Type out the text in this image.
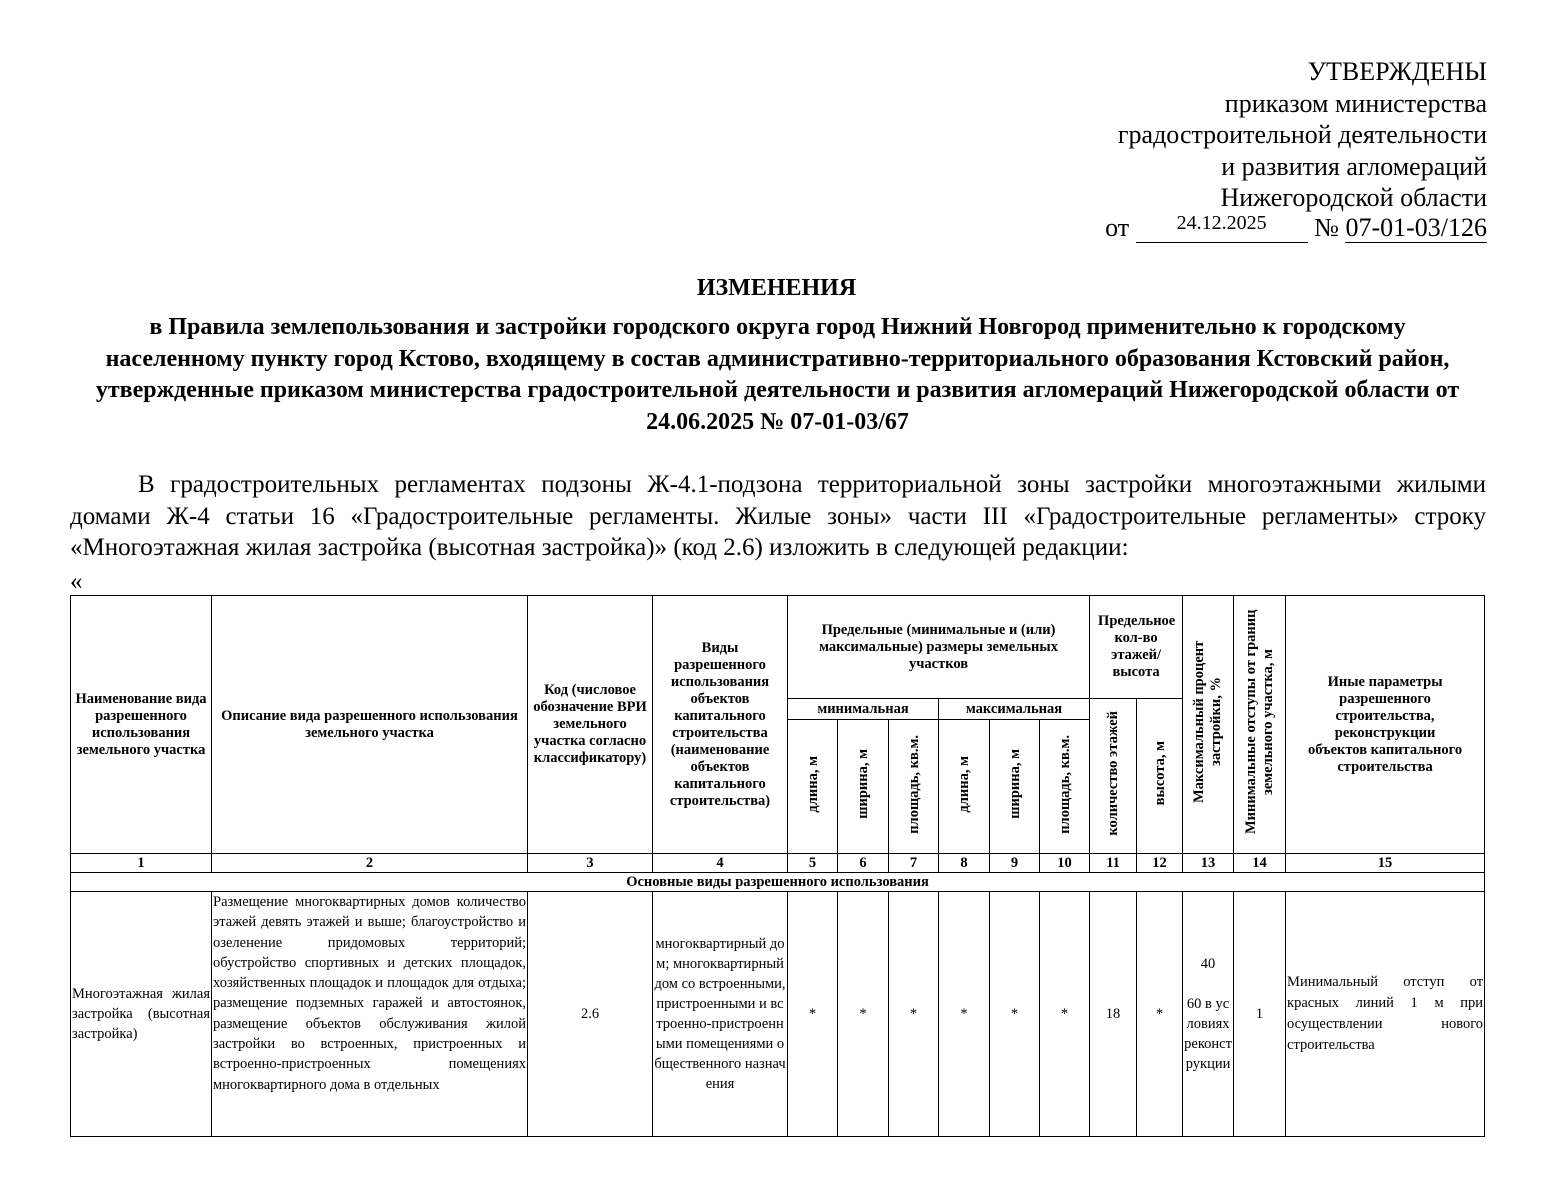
УТВЕРЖДЕНЫ
приказом министерства
градостроительной деятельности
и развития агломераций
Нижегородской области
от $^{24.12.2025}$ № 07-01-03/126
ИЗМЕНЕНИЯ
в Правила землепользования и застройки городского округа город Нижний Новгород применительно к городскому населенному пункту город Кстово, входящему в состав административно-территориального образования Кстовский район, утвержденные приказом министерства градостроительной деятельности и развития агломераций Нижегородской области от 24.06.2025 № 07-01-03/67
В градостроительных регламентах подзоны Ж-4.1-подзона территориальной зоны застройки многоэтажными жилыми домами Ж-4 статьи 16 «Градостроительные регламенты. Жилые зоны» части III «Градостроительные регламенты» строку «Многоэтажная жилая застройка (высотная застройка)» (код 2.6) изложить в следующей редакции:
«
Наименование вида разрешенного использования земельного участка	Описание вида разрешенного использования земельного участка	Код (числовое обозначение ВРИ земельного участка согласно классификатору)	Виды разрешенного использования объектов капитального строительства (наименование объектов капитального строительства)	Предельные (минимальные и (или) максимальные) размеры земельных участков						Предельное кол-во этажей/ высота		Максимальный процент застройки, %	Минимальные отступы от границ земельного участка, м	Иные параметры разрешенного строительства, реконструкции объектов капитального строительства
				минимальная			максимальная			количество этажей	высота, м			
				длина, м	ширина, м	площадь, кв.м.	длина, м	ширина, м	площадь, кв.м.					
1	2	3	4	5	6	7	8	9	10	11	12	13	14	15
Основные виды разрешенного использования														
Многоэтажная жилая застройка (высотная застройка)	Размещение многоквартирных домов количество этажей девять этажей и выше; благоустройство и озеленение придомовых территорий; обустройство спортивных и детских площадок, хозяйственных площадок и площадок для отдыха; размещение подземных гаражей и автостоянок, размещение объектов обслуживания жилой застройки во встроенных, пристроенных и встроенно-пристроенных помещениях многоквартирного дома в отдельных	2.6	многоквартирный дом; многоквартирный дом со встроенными, пристроенными и встроенно-пристроенными помещениями общественного назначения	*	*	*	*	*	*	18	*	40
60 в условиях реконструкции	1	Минимальный отступ от красных линий 1 м при осуществлении нового строительства
